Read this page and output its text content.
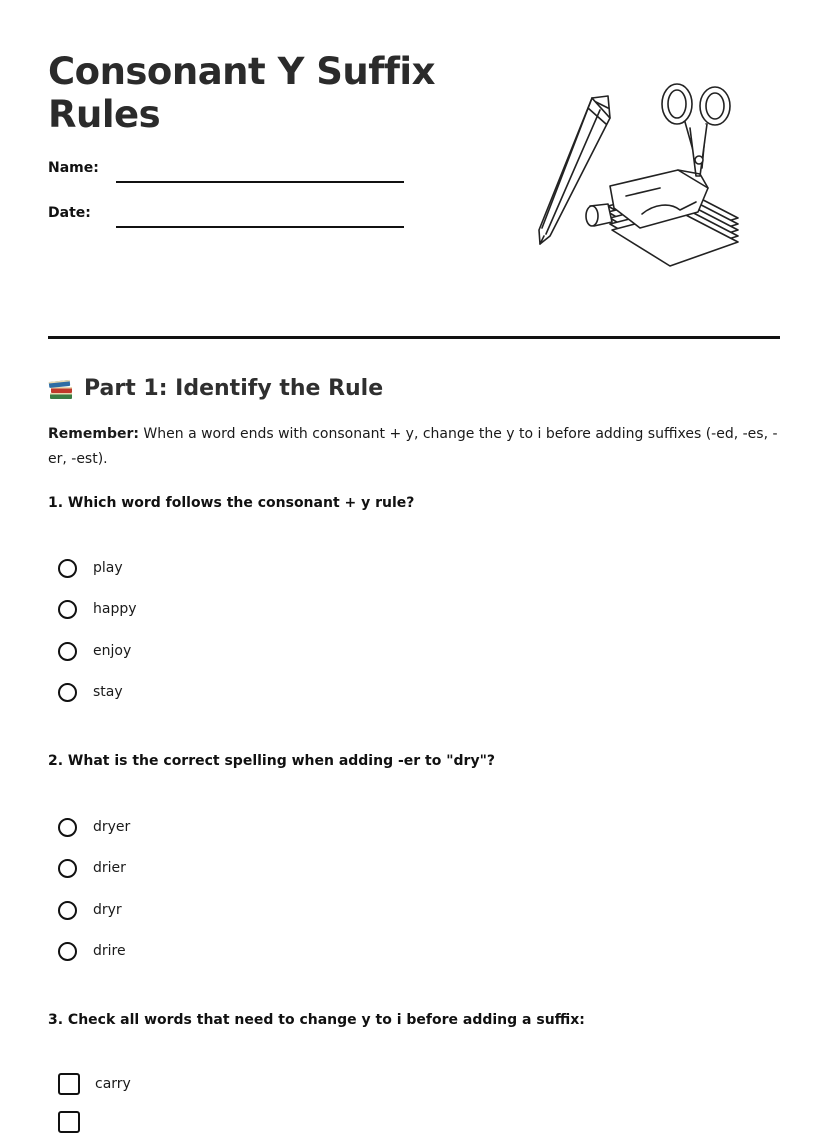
Consonant Y Suffix Rules
Name:
Date:
Part 1: Identify the Rule

Remember: When a word ends with consonant + y, change the y to i before adding suffixes (-ed, -es, -er, -est).

1. Which word follows the consonant + y rule?

play
happy
enjoy
stay

2. What is the correct spelling when adding -er to "dry"?

dryer
drier
dryr
drire

3. Check all words that need to change y to i before adding a suffix:

carry
